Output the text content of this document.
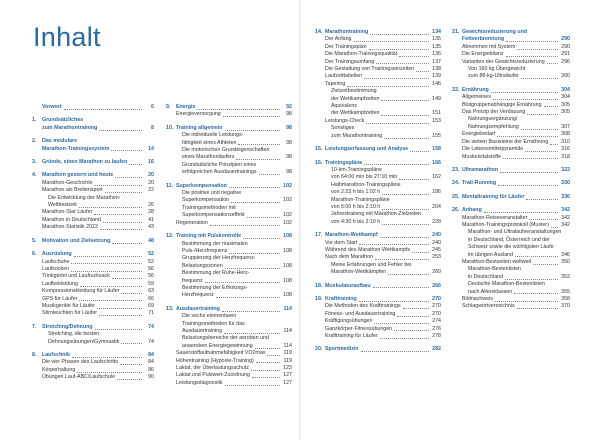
Inhalt
Vorwort	6
1.	Grundsätzliches
zum Marathontraining	8
2.	Das modulare
Marathon-Trainingssystem	14
3.	Gründe, einen Marathon zu laufen	16
4.	Marathon gestern und heute	20
Marathon-Geschichte	20
Marathon als Breitensport	22
Die Entwicklung der Marathon-
Weltbestzeit	26
Marathon-Star Läufer	28
Marathon in Deutschland	41
Marathon-Statistik 2022	43
5.	Motivation und Zielsetzung	48
6.	Ausrüstung	52
Laufschuhe	52
Laufsocken	56
Trinkgürtel und Laufrucksack	56
Laufbekleidung	59
Kompressionskleidung für Läufer	63
GPS für Läufer	66
Musikgeräte für Läufer	69
Stirnleuchten für Läufer	71
7.	Stretching/Dehnung	74
Stretching, die besten
Dehnungsübungen/Gymnastik	74
8.	Laufschnik	84
Die vier Phasen des Laufschritts	84
Körperhaltung	86
Übungen Lauf-ABC/Laufschule	90
9.	Energie	92
Energieversorgung	98
10. Training allgemein	98
Die individuelle Leistungs-
fähigkeit eines Athleten	98
Die motorischen Grundeigenschaften
eines Marathonläufers	98
Grundsätzliche Prinzipien eines
erfolgreichen Ausdauertrainings	98
11. Superkompensation	102
Die positive und negative
Superkompensation	102
Trainingsmethoden mit
Superkompensationseffekt	102
Regeneration	102
12. Training mit Pulskontrolle	108
Bestimmung der maximalen
Puls-/Herzfrequenz	108
Gruppierung der Herzfrequenz-
Belastungszonen	108
Bestimmung der Ruhe-Herz-
frequenz	108
Bestimmung der Erholungs-
Herzfrequenz	108
13. Ausdauertraining	114
Die sechs elementaren
Trainingsmethoden für das
Ausdauertraining	114
Belastungsbereiche der aeroben und
anaeroben Energiegewinnung	114
Sauerstoffaufnahmefähigkeit VO2max	119
Höhentraining (Hypoxie-Training)	119
Laktat, der Überlastungsschutz	123
Laktat und Pulswert-Zuordnung	127
Leistungsdiagnostik	127
14. Marathontraining	134
Der Anfang	135
Der Trainingsplan	135
Die Marathon-Trainingsqualität	136
Der Trainingsumfang	137
Die Gestaltung von Trainingseinzeiten	138
Laufzeittabellen	139
Tapering	146
Zielzeitbestimmung
der Wettkampfzeiten	149
Äquivalenz
der Wettkampfzeiten	151
Leistungs-Check	153
Sonstiges
zum Marathontraining	155
15. Leistungserfassung und Analyse	158
16. Trainingspläne	166
10-km-Trainingspläne
von 64:00 min bis 27:10 min	162
Halbmarathon-Trainingspläne
von 2:23 h bis 1:02 h	186
Marathon-Trainingspläne
von 5:00 h bis 2:10 h	204
Jahrestraining mit Marathon-Zielzeiten
von 4:30 h bis 2:10 h	228
17. Marathon-Wettkampf	240
Vor dem Start	240
Während des Marathon-Wettkampfs	245
Nach dem Marathon	253
Meine Erfahrungen und Fehler bei
Marathon-Wettkämpfen	260
18. Muskulaturaufbau	266
19. Krafttraining	270
Die Methoden des Krafttrainings	270
Fitness- und Ausdauertraining	270
Kräftigungsübungen	274
Ganzkörper-Fitnessübungen	276
Krafttraining für Läufer	278
20. Sportmedizin	282
21. Gewichtsreduzierung und
Fettverbrennung	290
Abnehmen mit System	290
Die Energiebilanz	291
Varianten der Gewichtsreduzierung	296
Von 160 kg Übergewicht
zum 88-kg-Ultraläufer	300
22. Ernährung	304
Allgemeines	304
Blutgruppenabhängige Ernährung	305
Das Prinzip der Verdauung	305
Nahrungsergänzung/
Nahrungsempfehlung	307
Energiebedarf	308
Die sieben Basisteine der Ernährung 310
Die Lebensmittelpyramide	316
Muskelvitalstoffe	318
23. Ultramarathon	322
24. Trail-Running	330
25. Mentaltraining für Läufer	336
26. Anhang	342
Marathon-Reiseveranstalter	342
Marathon-Trainingsprotokoll (Muster) 342
Marathon- und Ultralaufveranstaltungen
in Deutschland, Österreich und der
Schweiz sowie die wichtigsten Läufe
im übrigen Ausland	346
Marathon-Bestzeiten weltweit	350
Marathon-Bestenlisten
in Deutschland	352
Deutsche Marathon-Bestenlisten
nach Altersklassen	355
Bildnachweis	358
Schlagwortverzeichnis	370
